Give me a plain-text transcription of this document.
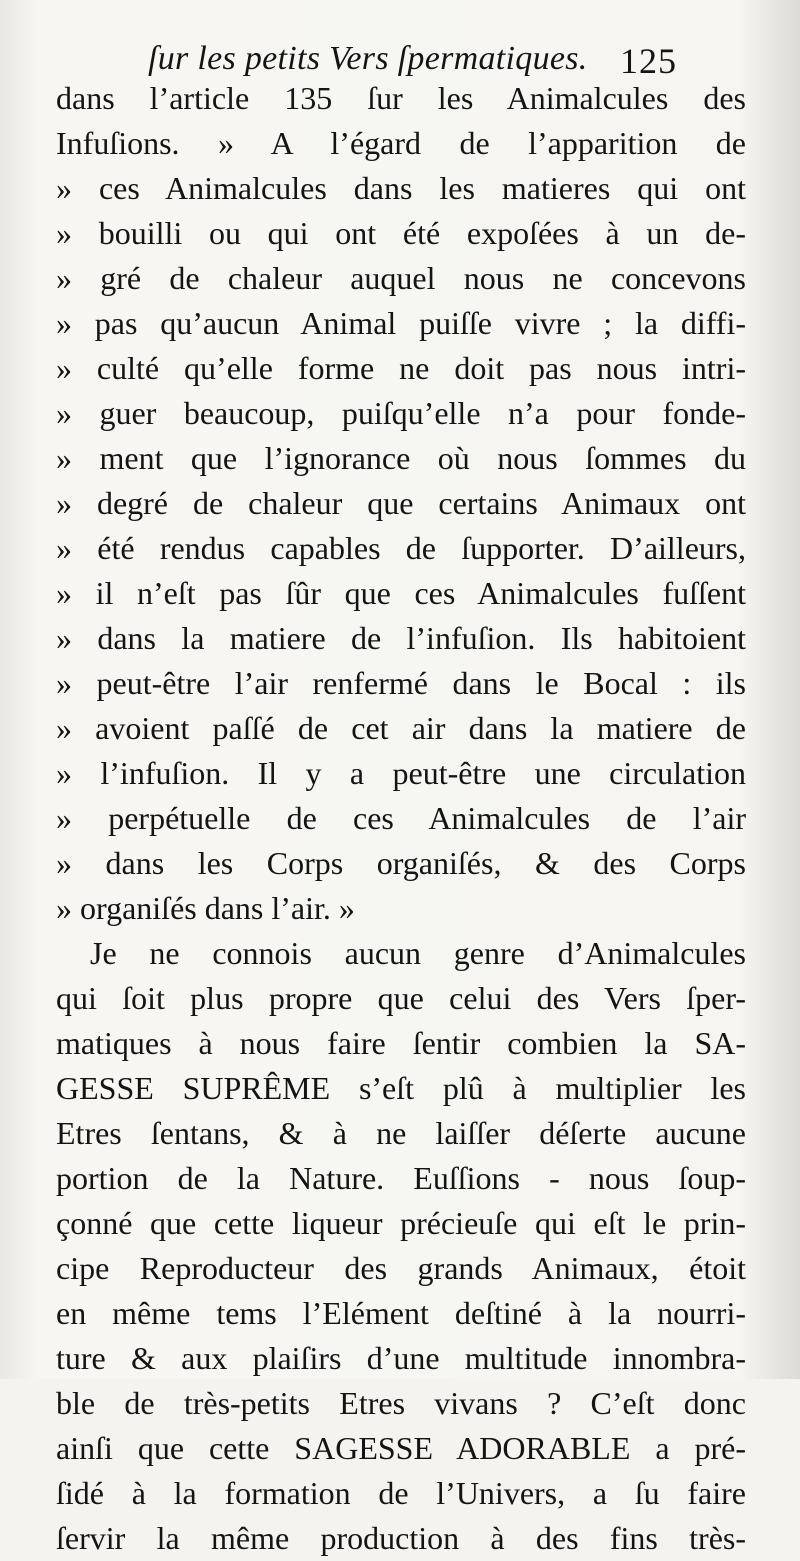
ſur les petits Vers ſpermatiques. 125
dans l’article 135 ſur les Animalcules des
Infuſions. » A l’égard de l’apparition de
» ces Animalcules dans les matieres qui ont
» bouilli ou qui ont été expoſées à un de-
» gré de chaleur auquel nous ne concevons
» pas qu’aucun Animal puiſſe vivre ; la diffi-
» culté qu’elle forme ne doit pas nous intri-
» guer beaucoup, puiſqu’elle n’a pour fonde-
» ment que l’ignorance où nous ſommes du
» degré de chaleur que certains Animaux ont
» été rendus capables de ſupporter. D’ailleurs,
» il n’eſt pas ſûr que ces Animalcules fuſſent
» dans la matiere de l’infuſion. Ils habitoient
» peut-être l’air renfermé dans le Bocal : ils
» avoient paſſé de cet air dans la matiere de
» l’infuſion. Il y a peut-être une circulation
» perpétuelle de ces Animalcules de l’air
» dans les Corps organiſés, & des Corps
» organiſés dans l’air. »
Je ne connois aucun genre d’Animalcules
qui ſoit plus propre que celui des Vers ſper-
matiques à nous faire ſentir combien la SA-
GESSE SUPRÊME s’eſt plû à multiplier les
Etres ſentans, & à ne laiſſer déſerte aucune
portion de la Nature. Euſſions - nous ſoup-
çonné que cette liqueur précieuſe qui eſt le prin-
cipe Reproducteur des grands Animaux, étoit
en même tems l’Elément deſtiné à la nourri-
ture & aux plaiſirs d’une multitude innombra-
ble de très-petits Etres vivans ? C’eſt donc
ainſi que cette SAGESSE ADORABLE a pré-
ſidé à la formation de l’Univers, a ſu faire
ſervir la même production à des fins très-
